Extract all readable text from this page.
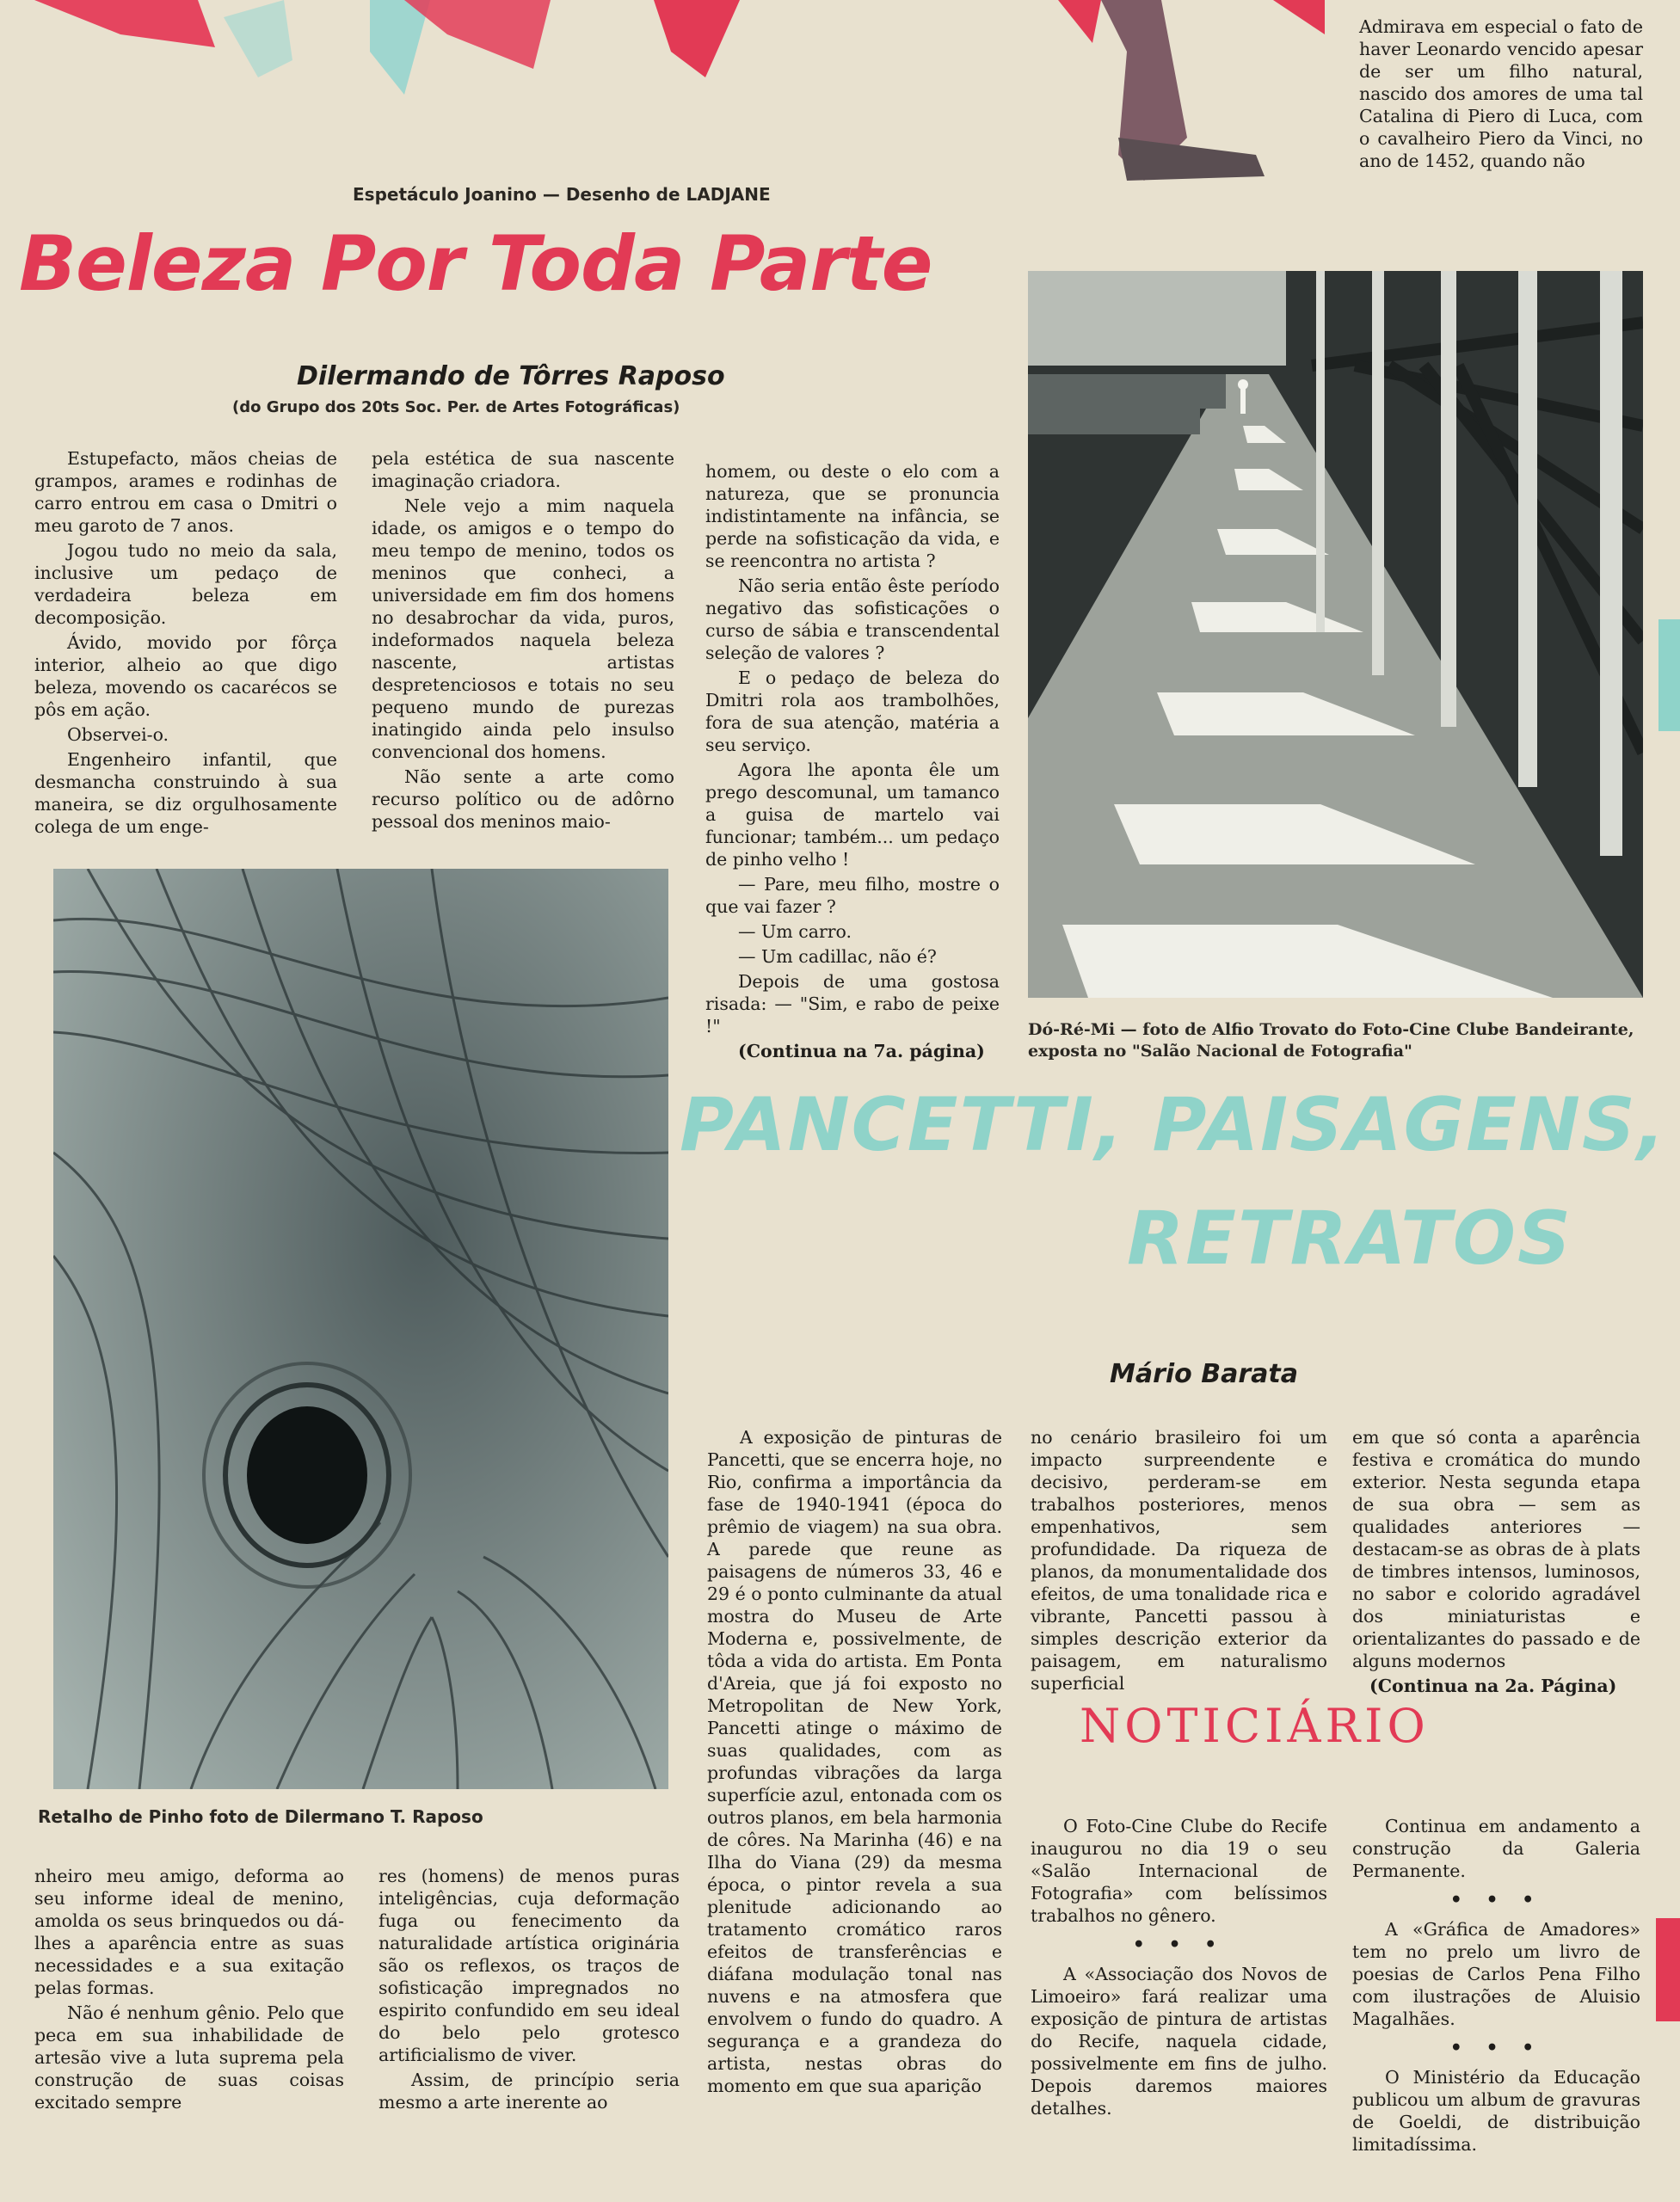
Admirava em especial o fato de haver Leonardo vencido apesar de ser um filho natural, nascido dos amores de uma tal Catalina di Piero di Luca, com o cavalheiro Piero da Vinci, no ano de 1452, quando não

Espetáculo Joanino — Desenho de LADJANE
Beleza Por Toda Parte
Dilermando de Tôrres Raposo
(do Grupo dos 20ts Soc. Per. de Artes Fotográficas)

Estupefacto, mãos cheias de grampos, arames e rodinhas de carro entrou em casa o Dmitri o meu garoto de 7 anos.

Jogou tudo no meio da sala, inclusive um pedaço de verdadeira beleza em decomposição.

Ávido, movido por fôrça interior, alheio ao que digo beleza, movendo os cacarécos se pôs em ação.

Observei-o.

Engenheiro infantil, que desmancha construindo à sua maneira, se diz orgulhosamente colega de um enge-

pela estética de sua nascente imaginação criadora.

Nele vejo a mim naquela idade, os amigos e o tempo do meu tempo de menino, todos os meninos que conheci, a universidade em fim dos homens no desabrochar da vida, puros, indeformados naquela beleza nascente, artistas despretenciosos e totais no seu pequeno mundo de purezas inatingido ainda pelo insulso convencional dos homens.

Não sente a arte como recurso político ou de adôrno pessoal dos meninos maio-

homem, ou deste o elo com a natureza, que se pronuncia indistintamente na infância, se perde na sofisticação da vida, e se reencontra no artista ?

Não seria então êste período negativo das sofisticações o curso de sábia e transcendental seleção de valores ?

E o pedaço de beleza do Dmitri rola aos trambolhões, fora de sua atenção, matéria a seu serviço.

Agora lhe aponta êle um prego descomunal, um tamanco a guisa de martelo vai funcionar; também... um pedaço de pinho velho !

— Pare, meu filho, mostre o que vai fazer ?

— Um carro.

— Um cadillac, não é?

Depois de uma gostosa risada: — "Sim, e rabo de peixe !"

(Continua na 7a. página)

Retalho de Pinho foto de Dilermano T. Raposo
Dó-Ré-Mi — foto de Alfio Trovato do Foto-Cine Clube Bandeirante, exposta no "Salão Nacional de Fotografia"
PANCETTI, PAISAGENS,
RETRATOS
Mário Barata

A exposição de pinturas de Pancetti, que se encerra hoje, no Rio, confirma a importância da fase de 1940-1941 (época do prêmio de viagem) na sua obra. A parede que reune as paisagens de números 33, 46 e 29 é o ponto culminante da atual mostra do Museu de Arte Moderna e, possivelmente, de tôda a vida do artista. Em Ponta d'Areia, que já foi exposto no Metropolitan de New York, Pancetti atinge o máximo de suas qualidades, com as profundas vibrações da larga superfície azul, entonada com os outros planos, em bela harmonia de côres. Na Marinha (46) e na Ilha do Viana (29) da mesma época, o pintor revela a sua plenitude adicionando ao tratamento cromático raros efeitos de transferências e diáfana modulação tonal nas nuvens e na atmosfera que envolvem o fundo do quadro. A segurança e a grandeza do artista, nestas obras do momento em que sua aparição

no cenário brasileiro foi um impacto surpreendente e decisivo, perderam-se em trabalhos posteriores, menos empenhativos, sem profundidade. Da riqueza de planos, da monumentalidade dos efeitos, de uma tonalidade rica e vibrante, Pancetti passou à simples descrição exterior da paisagem, em naturalismo superficial

em que só conta a aparência festiva e cromática do mundo exterior. Nesta segunda etapa de sua obra — sem as qualidades anteriores — destacam-se as obras de à plats de timbres intensos, luminosos, no sabor e colorido agradável dos miniaturistas e orientalizantes do passado e de alguns modernos

(Continua na 2a. Página)

NOTICIÁRIO

O Foto-Cine Clube do Recife inaugurou no dia 19 o seu «Salão Internacional de Fotografia» com belíssimos trabalhos no gênero.

• • •

A «Associação dos Novos de Limoeiro» fará realizar uma exposição de pintura de artistas do Recife, naquela cidade, possivelmente em fins de julho. Depois daremos maiores detalhes.

Continua em andamento a construção da Galeria Permanente.

• • •

A «Gráfica de Amadores» tem no prelo um livro de poesias de Carlos Pena Filho com ilustrações de Aluisio Magalhães.

• • •

O Ministério da Educação publicou um album de gravuras de Goeldi, de distribuição limitadíssima.

nheiro meu amigo, deforma ao seu informe ideal de menino, amolda os seus brinquedos ou dá-lhes a aparência entre as suas necessidades e a sua exitação pelas formas.

Não é nenhum gênio. Pelo que peca em sua inhabilidade de artesão vive a luta suprema pela construção de suas coisas excitado sempre

res (homens) de menos puras inteligências, cuja deformação fuga ou fenecimento da naturalidade artística originária são os reflexos, os traços de sofisticação impregnados no espirito confundido em seu ideal do belo pelo grotesco artificialismo de viver.

Assim, de princípio seria mesmo a arte inerente ao
